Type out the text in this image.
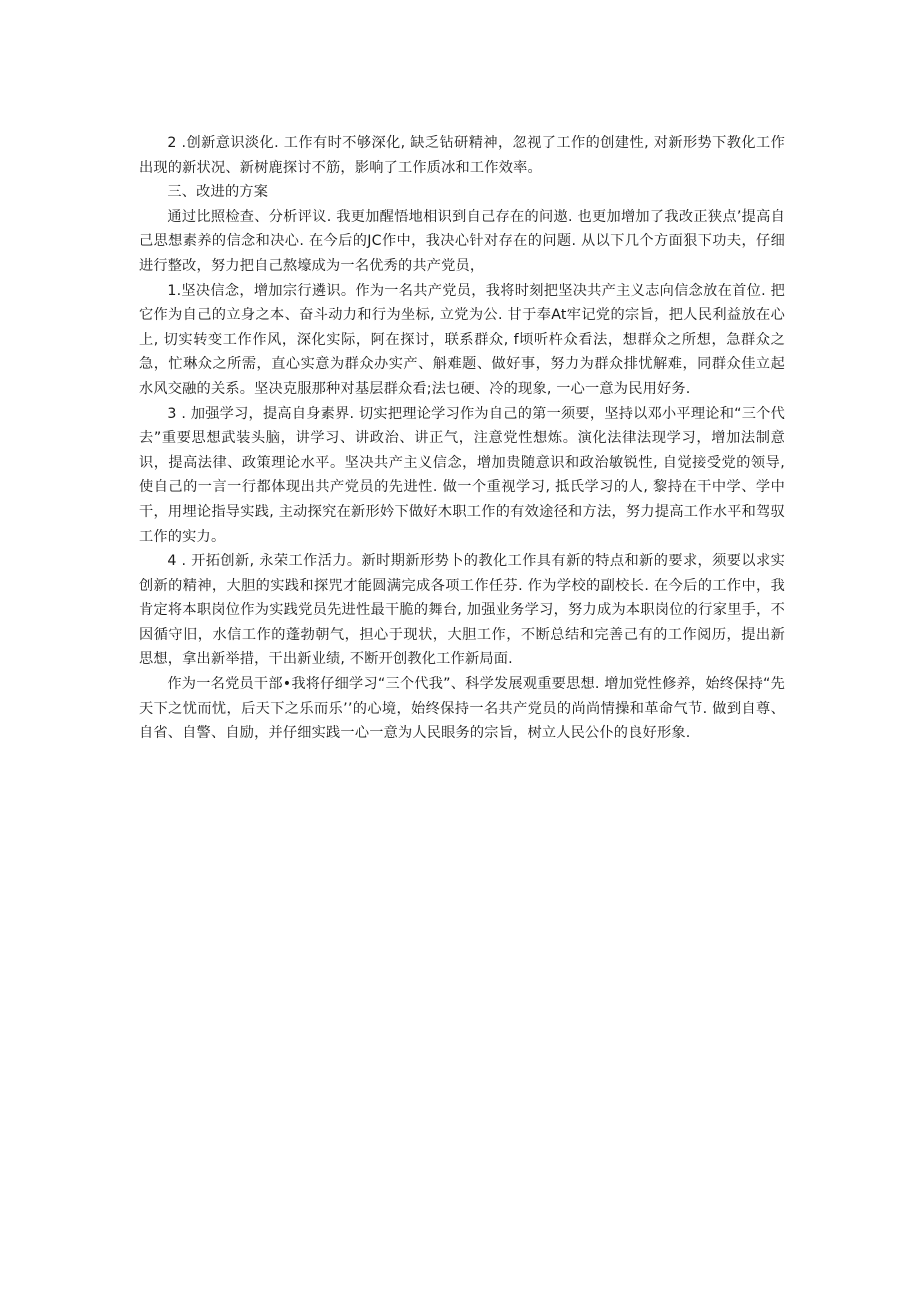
2 .创新意识淡化. 工作有时不够深化, 缺乏钻研精神，忽视了工作的创建性, 对新形势下教化工作出现的新状况、新树鹿探讨不筋，影响了工作质冰和工作效率。

三、改进的方案

通过比照检查、分析评议. 我更加醒悟地相识到自己存在的问遨. 也更加增加了我改正狭点’提高自己思想素养的信念和决心. 在今后的JC作中，我决心针对存在的问题. 从以下几个方面狠下功夫，仔细进行整改，努力把自己熬壕成为一名优秀的共产党员，

1.坚决信念，增加宗行遴识。作为一名共产党员，我将时刻把坚决共产主义志向信念放在首位. 把它作为自己的立身之本、奋斗动力和行为坐标, 立党为公. 甘于奉At牢记党的宗旨，把人民利益放在心上, 切实转变工作作风，深化实际，阿在探讨，联系群众, f顷听杵众看法，想群众之所想，急群众之急，忙琳众之所需，直心实意为群众办实产、斛难题、做好事，努力为群众排忧解难，同群众佳立起水风交融的关系。坚决克服那种对基层群众看;法乜硬、冷的现象, 一心一意为民用好务.

3 . 加强学习，提高自身素界. 切实把理论学习作为自己的第一须要，坚持以邓小平理论和“三个代去”重要思想武装头脑，讲学习、讲政治、讲正气，注意党性想炼。演化法律法现学习，增加法制意识，提高法律、政策理论水平。坚决共产主义信念，增加贵随意识和政治敏锐性, 自觉接受党的领导, 使自己的一言一行都体现出共产党员的先进性. 做一个重视学习, 抵氏学习的人, 黎持在干中学、学中干，用埋论指导实践, 主动探究在新形妗下做好木职工作的有效途径和方法，努力提高工作水平和驾驭工作的实力。

4 . 开拓创新, 永荣工作活力。新时期新形势卜的教化工作具有新的特点和新的要求，须要以求实创新的精神，大胆的实践和探咒才能圆满完成各项工作任芬. 作为学校的副校长. 在今后的工作中，我肯定将本职岗位作为实践党员先进性最干脆的舞台, 加强业务学习，努力成为本职岗位的行家里手，不因循守旧，水信工作的蓬勃朝气，担心于现状，大胆工作，不断总结和完善己有的工作阅历，提出新思想，拿出新举措，干出新业绩, 不断开创教化工作新局面.

作为一名党员干部•我将仔细学习“三个代我”、科学发展观重要思想. 增加党性修养，始终保持“先天下之忧而忧，后天下之乐而乐’’的心境，始终保持一名共产党员的尚尚情操和革命气节. 做到自尊、自省、自警、自励，并仔细实践一心一意为人民眼务的宗旨，树立人民公仆的良好形象.
